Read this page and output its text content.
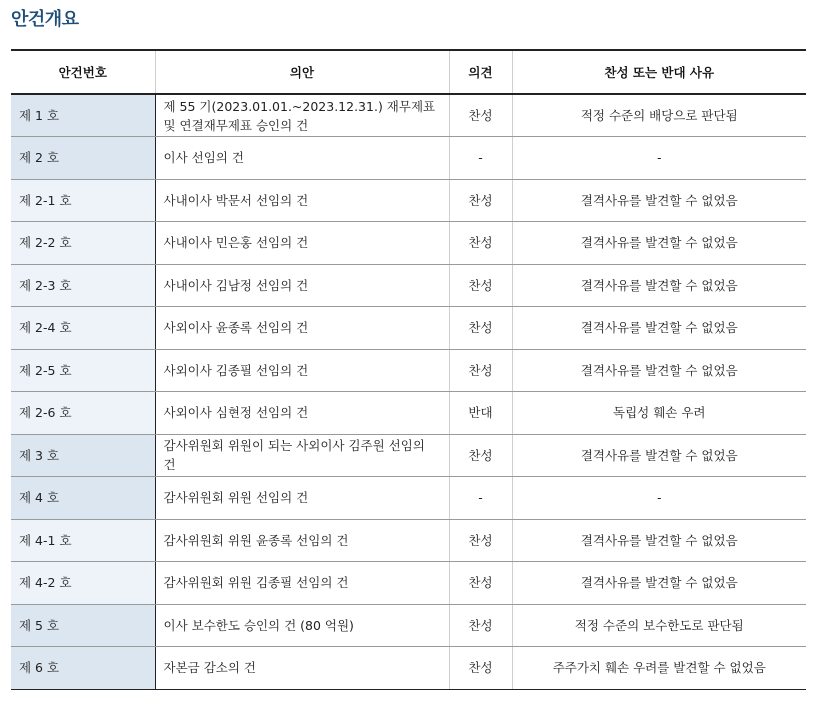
안건개요
안건번호	의안	의견	찬성 또는 반대 사유
제 1 호	제 55 기(2023.01.01.~2023.12.31.) 재무제표 및 연결재무제표 승인의 건	찬성	적정 수준의 배당으로 판단됨
제 2 호	이사 선임의 건	-	-
제 2-1 호	사내이사 박문서 선임의 건	찬성	결격사유를 발견할 수 없었음
제 2-2 호	사내이사 민은홍 선임의 건	찬성	결격사유를 발견할 수 없었음
제 2-3 호	사내이사 김남정 선임의 건	찬성	결격사유를 발견할 수 없었음
제 2-4 호	사외이사 윤종록 선임의 건	찬성	결격사유를 발견할 수 없었음
제 2-5 호	사외이사 김종필 선임의 건	찬성	결격사유를 발견할 수 없었음
제 2-6 호	사외이사 심현정 선임의 건	반대	독립성 훼손 우려
제 3 호	감사위원회 위원이 되는 사외이사 김주원 선임의 건	찬성	결격사유를 발견할 수 없었음
제 4 호	감사위원회 위원 선임의 건	-	-
제 4-1 호	감사위원회 위원 윤종록 선임의 건	찬성	결격사유를 발견할 수 없었음
제 4-2 호	감사위원회 위원 김종필 선임의 건	찬성	결격사유를 발견할 수 없었음
제 5 호	이사 보수한도 승인의 건 (80 억원)	찬성	적정 수준의 보수한도로 판단됨
제 6 호	자본금 감소의 건	찬성	주주가치 훼손 우려를 발견할 수 없었음
